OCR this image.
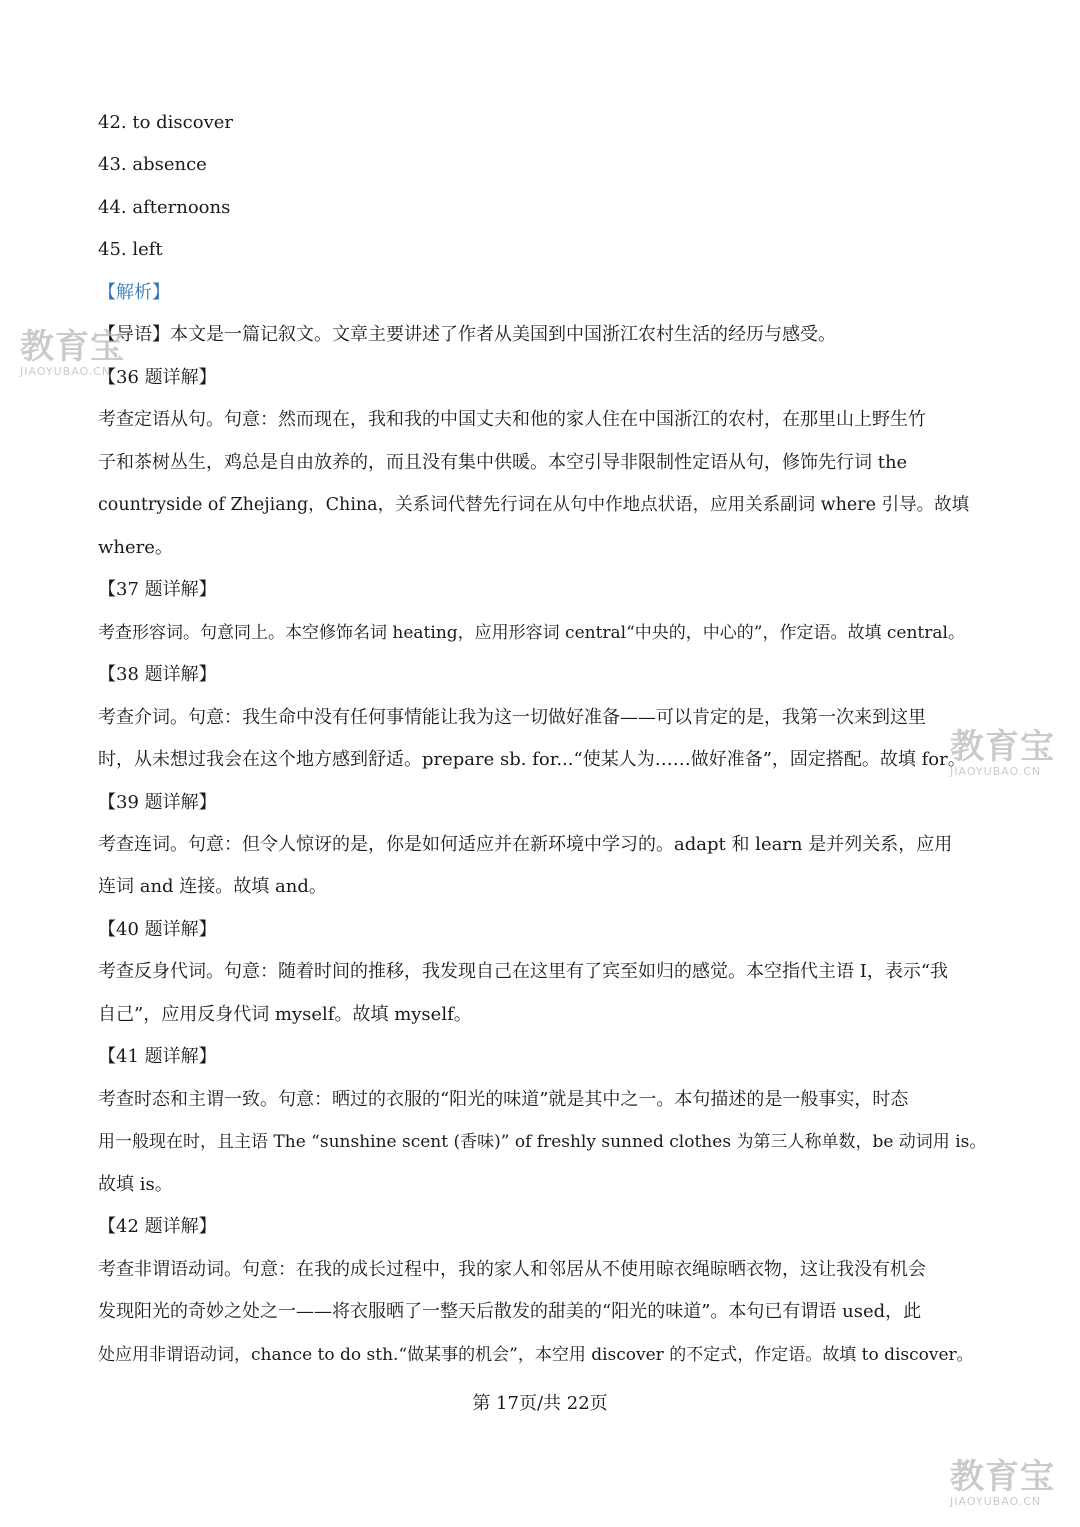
42. to discover
43. absence
44. afternoons
45. left
【解析】
【导语】本文是一篇记叙文。文章主要讲述了作者从美国到中国浙江农村生活的经历与感受。
【36 题详解】
考查定语从句。句意：然而现在，我和我的中国丈夫和他的家人住在中国浙江的农村，在那里山上野生竹
子和茶树丛生，鸡总是自由放养的，而且没有集中供暖。本空引导非限制性定语从句，修饰先行词 the
countryside of Zhejiang，China，关系词代替先行词在从句中作地点状语，应用关系副词 where 引导。故填
where。
【37 题详解】
考查形容词。句意同上。本空修饰名词 heating，应用形容词 central“中央的，中心的”，作定语。故填 central。
【38 题详解】
考查介词。句意：我生命中没有任何事情能让我为这一切做好准备——可以肯定的是，我第一次来到这里
时，从未想过我会在这个地方感到舒适。prepare sb. for...“使某人为……做好准备”，固定搭配。故填 for。
【39 题详解】
考查连词。句意：但令人惊讶的是，你是如何适应并在新环境中学习的。adapt 和 learn 是并列关系，应用
连词 and 连接。故填 and。
【40 题详解】
考查反身代词。句意：随着时间的推移，我发现自己在这里有了宾至如归的感觉。本空指代主语 I，表示“我
自己”，应用反身代词 myself。故填 myself。
【41 题详解】
考查时态和主谓一致。句意：晒过的衣服的“阳光的味道”就是其中之一。本句描述的是一般事实，时态
用一般现在时，且主语 The “sunshine scent (香味)” of freshly sunned clothes 为第三人称单数，be 动词用 is。
故填 is。
【42 题详解】
考查非谓语动词。句意：在我的成长过程中，我的家人和邻居从不使用晾衣绳晾晒衣物，这让我没有机会
发现阳光的奇妙之处之一——将衣服晒了一整天后散发的甜美的“阳光的味道”。本句已有谓语 used，此
处应用非谓语动词，chance to do sth.“做某事的机会”，本空用 discover 的不定式，作定语。故填 to discover。
第 17页/共 22页
教育宝
JIAOYUBAO.CN
教育宝
JIAOYUBAO.CN
教育宝
JIAOYUBAO.CN
